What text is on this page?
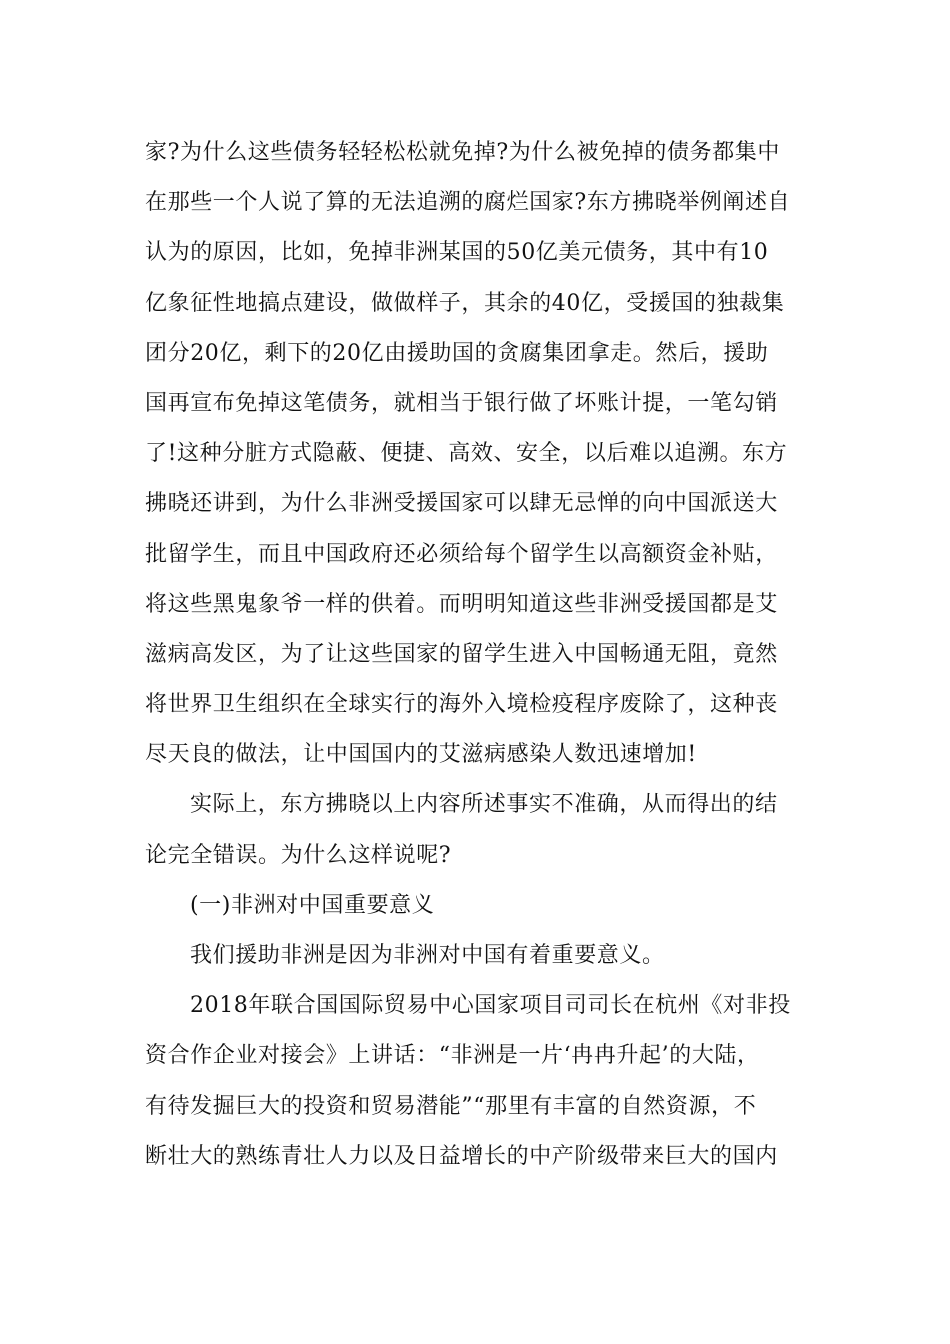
家?为什么这些债务轻轻松松就免掉?为什么被免掉的债务都集中
在那些一个人说了算的无法追溯的腐烂国家?东方拂晓举例阐述自
认为的原因，比如，免掉非洲某国的50亿美元债务，其中有10
亿象征性地搞点建设，做做样子，其余的40亿，受援国的独裁集
团分20亿，剩下的20亿由援助国的贪腐集团拿走。然后，援助
国再宣布免掉这笔债务，就相当于银行做了坏账计提，一笔勾销
了!这种分脏方式隐蔽、便捷、高效、安全，以后难以追溯。东方
拂晓还讲到，为什么非洲受援国家可以肆无忌惮的向中国派送大
批留学生，而且中国政府还必须给每个留学生以高额资金补贴，
将这些黑鬼象爷一样的供着。而明明知道这些非洲受援国都是艾
滋病高发区，为了让这些国家的留学生进入中国畅通无阻，竟然
将世界卫生组织在全球实行的海外入境检疫程序废除了，这种丧
尽天良的做法，让中国国内的艾滋病感染人数迅速增加!
实际上，东方拂晓以上内容所述事实不准确，从而得出的结
论完全错误。为什么这样说呢?
(一)非洲对中国重要意义
我们援助非洲是因为非洲对中国有着重要意义。
2018年联合国国际贸易中心国家项目司司长在杭州《对非投
资合作企业对接会》上讲话：“非洲是一片‘冉冉升起’的大陆，
有待发掘巨大的投资和贸易潜能”“那里有丰富的自然资源，不
断壮大的熟练青壮人力以及日益增长的中产阶级带来巨大的国内
